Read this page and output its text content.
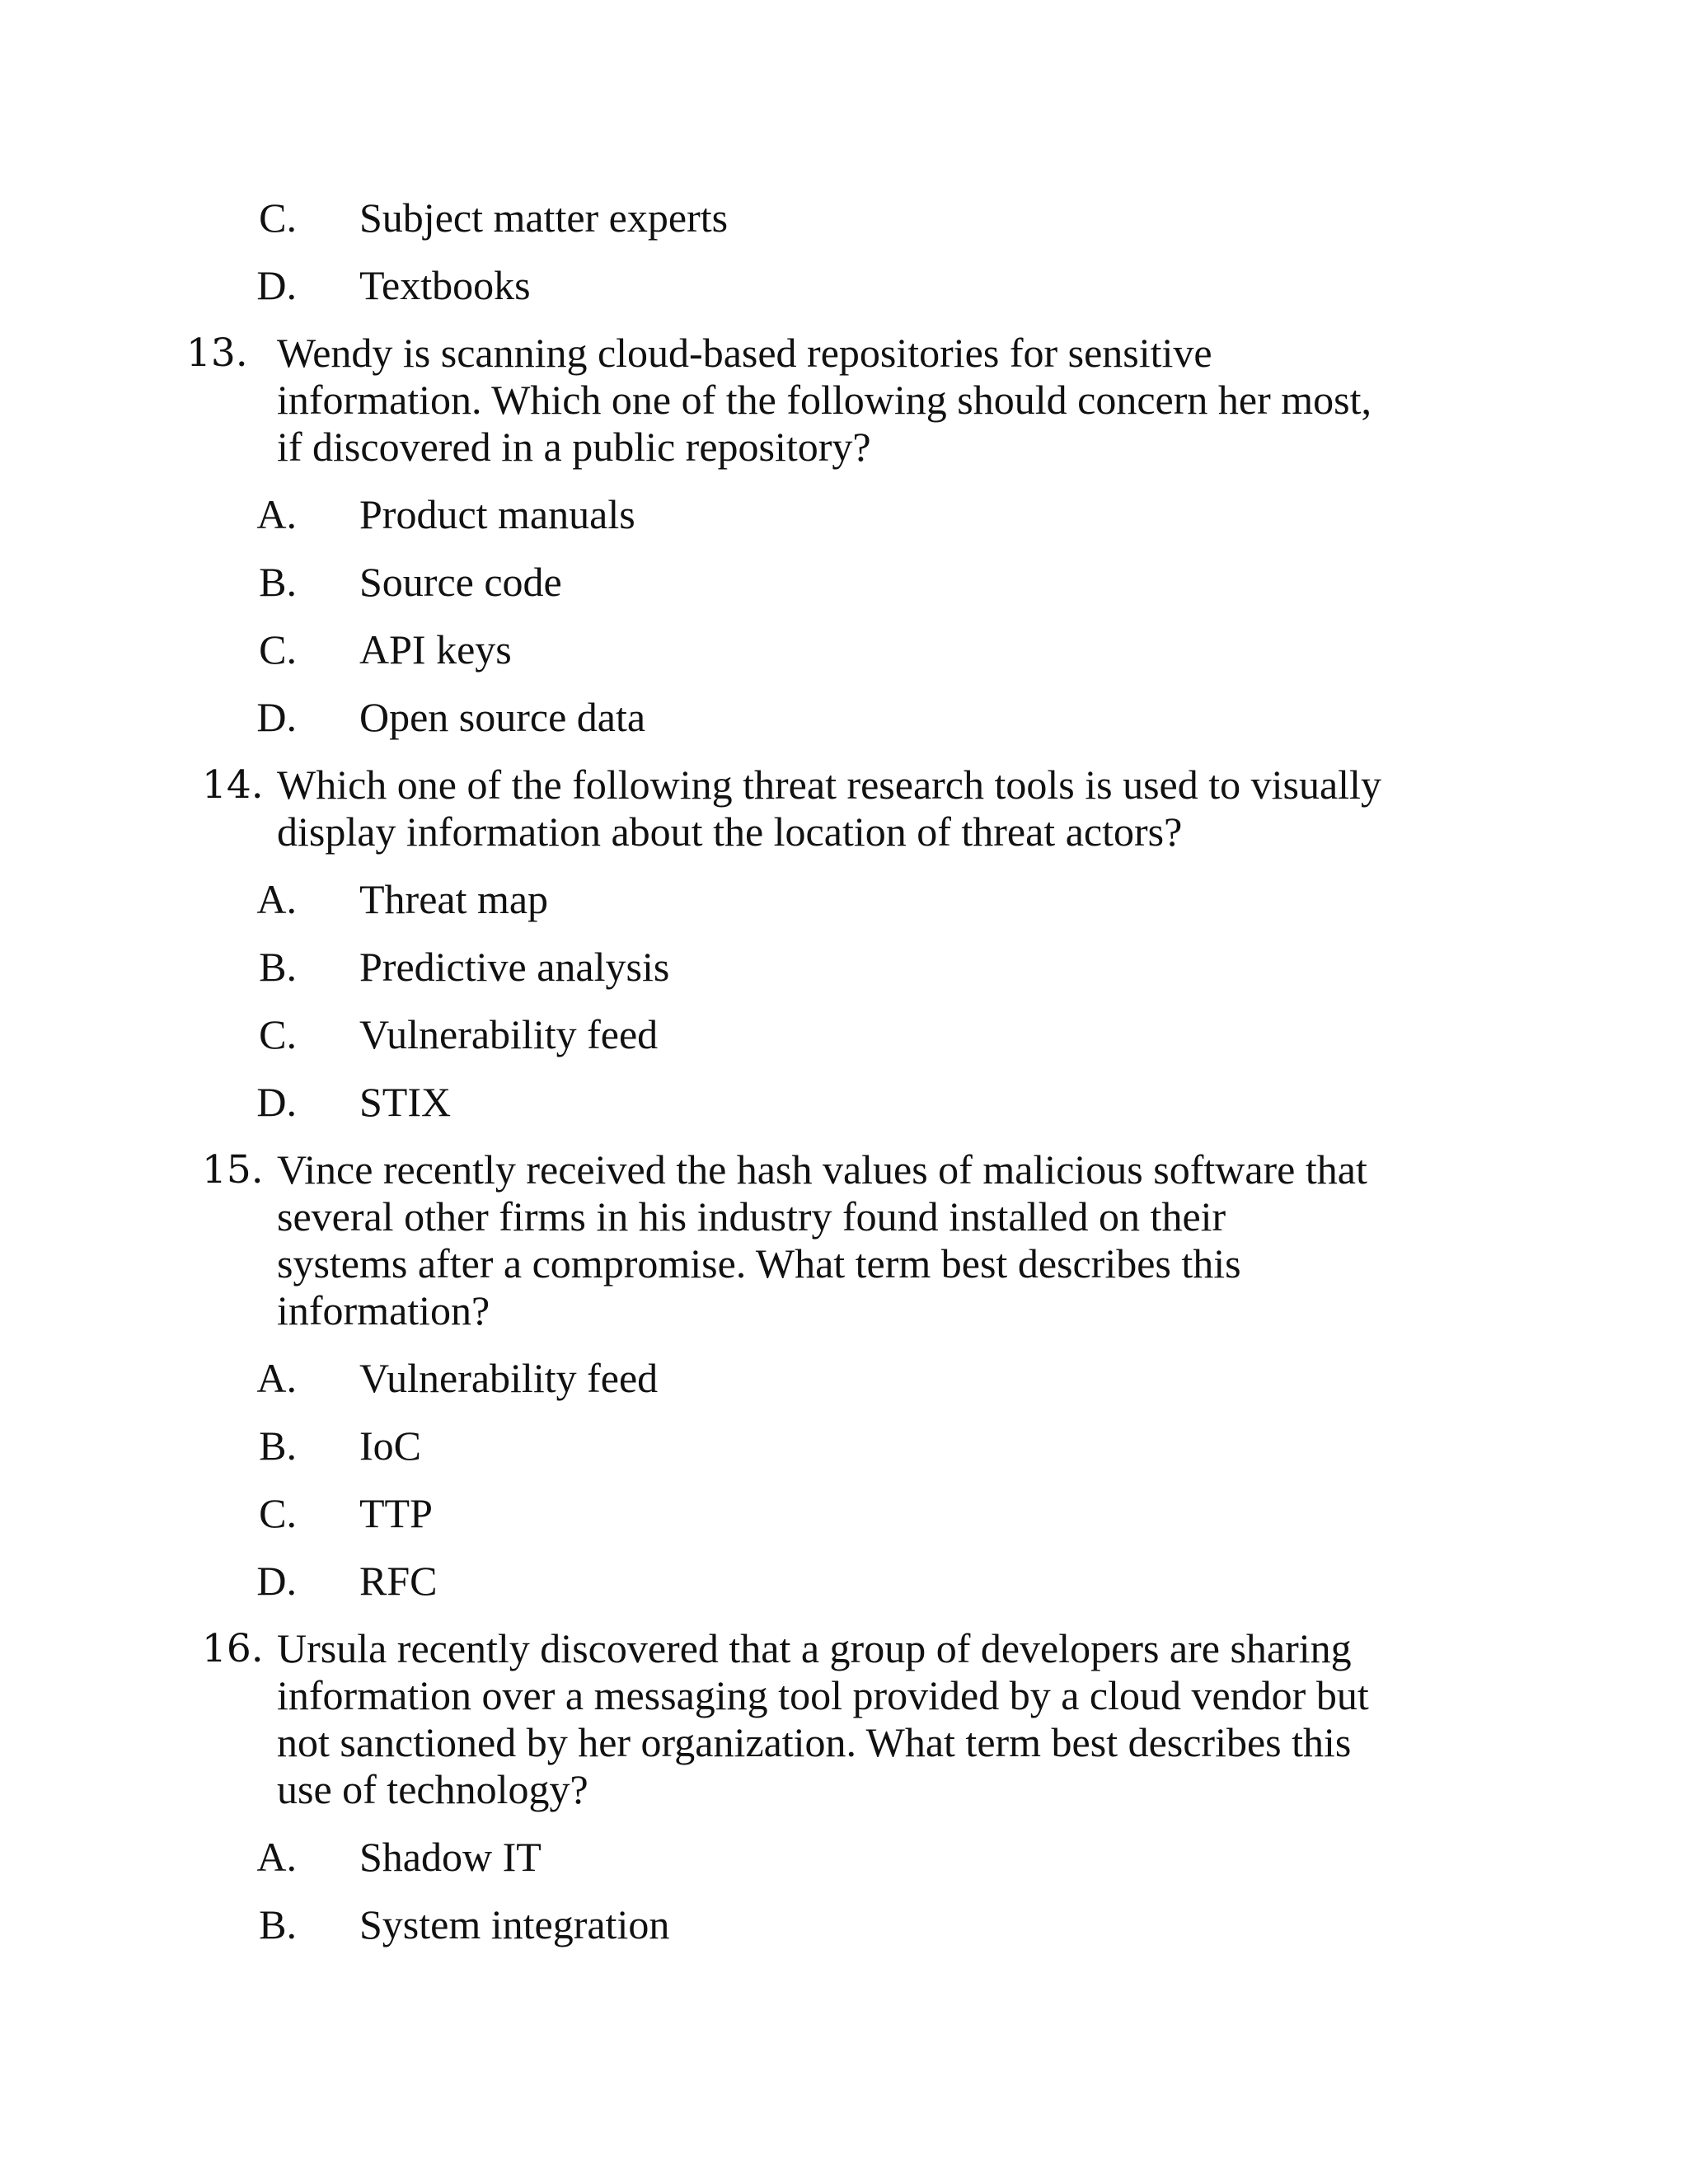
C. Subject matter experts
D. Textbooks
13. Wendy is scanning cloud-based repositories for sensitive
information. Which one of the following should concern her most,
if discovered in a public repository?
A. Product manuals
B. Source code
C. API keys
D. Open source data
14. Which one of the following threat research tools is used to visually
display information about the location of threat actors?
A. Threat map
B. Predictive analysis
C. Vulnerability feed
D. STIX
15. Vince recently received the hash values of malicious software that
several other firms in his industry found installed on their
systems after a compromise. What term best describes this
information?
A. Vulnerability feed
B. IoC
C. TTP
D. RFC
16. Ursula recently discovered that a group of developers are sharing
information over a messaging tool provided by a cloud vendor but
not sanctioned by her organization. What term best describes this
use of technology?
A. Shadow IT
B. System integration
